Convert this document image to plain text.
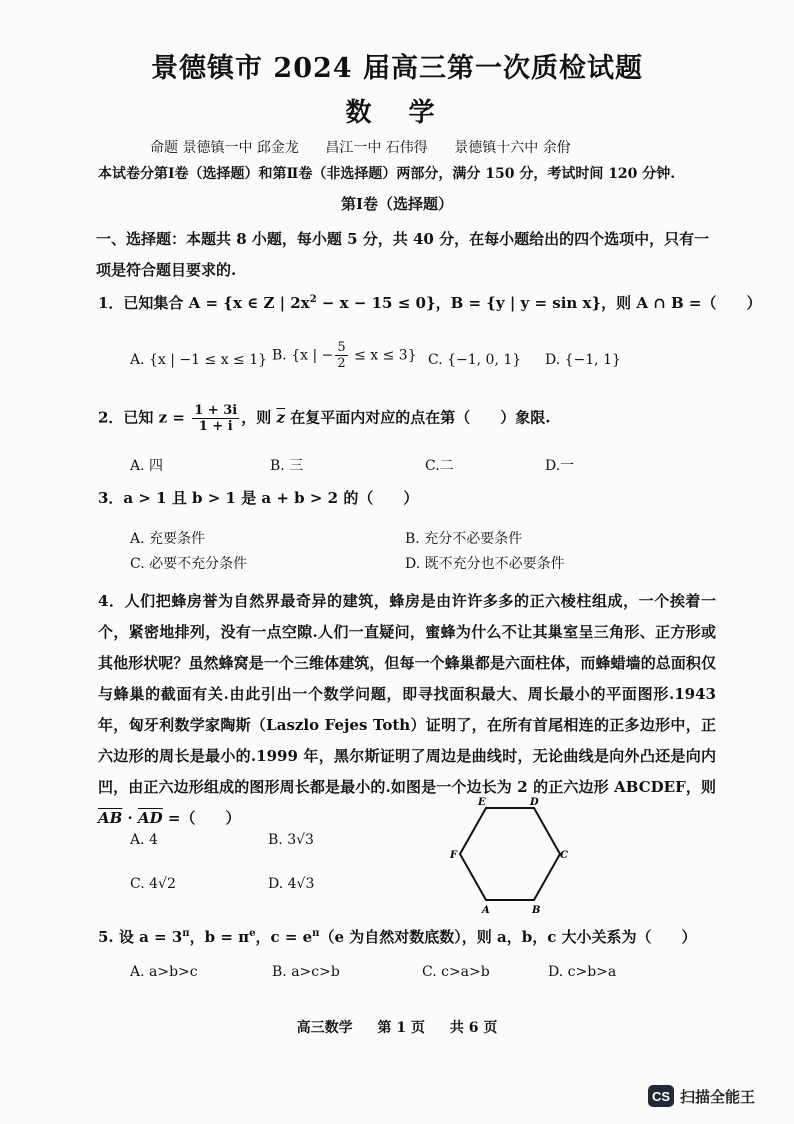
景德镇市 2024 届高三第一次质检试题
数 学
命题 景德镇一中 邱金龙 昌江一中 石伟得 景德镇十六中 余佾
本试卷分第Ⅰ卷（选择题）和第Ⅱ卷（非选择题）两部分，满分 150 分，考试时间 120 分钟.
第Ⅰ卷（选择题）
一、选择题：本题共 8 小题，每小题 5 分，共 40 分，在每小题给出的四个选项中，只有一项是符合题目要求的.
1．已知集合 A = {x ∈ Z | $2x^2 - x - 15 \le 0$}，B = {y | y = sin x}，则 A ∩ B =（　　）
A. {x | −1 ≤ x ≤ 1} B. {x | − $\frac{5}{2} \le x \le 3$} C. {−1, 0, 1} D. {−1, 1}
2．已知 $z = \frac{1 + 3i}{1 + i}$ ，则 $\overline{z}$ 在复平面内对应的点在第（　　）象限.
A. 四	B. 三	C.二	D.一
3．a > 1 且 b > 1 是 a + b > 2 的（　　）
A. 充要条件	B. 充分不必要条件
C. 必要不充分条件	D. 既不充分也不必要条件
4．人们把蜂房誉为自然界最奇异的建筑，蜂房是由许许多多的正六棱柱组成，一个挨着一个，紧密地排列，没有一点空隙.人们一直疑问，蜜蜂为什么不让其巢室呈三角形、正方形或其他形状呢？虽然蜂窝是一个三维体建筑，但每一个蜂巢都是六面柱体，而蜂蜡墙的总面积仅与蜂巢的截面有关.由此引出一个数学问题，即寻找面积最大、周长最小的平面图形.1943 年，匈牙利数学家陶斯（Laszlo Fejes Toth）证明了，在所有首尾相连的正多边形中，正六边形的周长是最小的.1999 年，黑尔斯证明了周边是曲线时，无论曲线是向外凸还是向内凹，由正六边形组成的图形周长都是最小的.如图是一个边长为 2 的正六边形 ABCDEF，则$\overline{AB} \cdot \overline{AD}$ =（　　）
A. 4	B. 3√3
C. 4√2	D. 4√3
A	B
C
D
E
F
5. 设 $a = 3^\pi$，$b = \pi^e$，$c = e^\pi(e$ 为自然对数底数），则 a，b，c 大小关系为（　　）
A. a>b>c	B. a>c>b	C. c>a>b	D. c>b>a
高三数学 第 1 页 共 6 页
CS 扫描全能王
